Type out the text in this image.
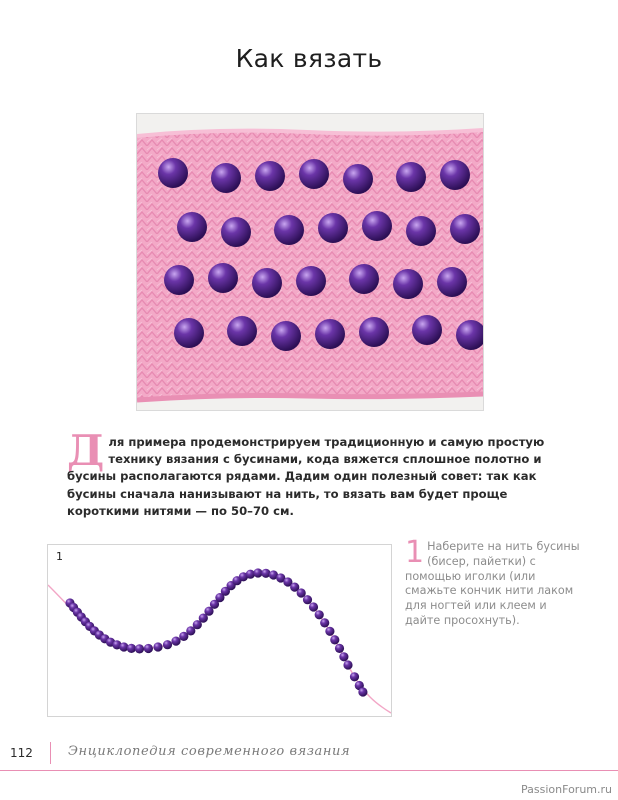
Как вязать
Д ля примера продемонстрируем традиционную и самую простую технику вязания с бусинами, кода вяжется сплошное полотно и бусины располагаются рядами. Дадим один полезный совет: так как бусины сначала нанизывают на нить, то вязать вам будет проще короткими нитями — по 50–70 см.
1	1 Наберите на нить бусины (бисер, пайетки) с помощью иголки (или смажьте кончик нити лаком для ногтей или клеем и дайте просохнуть).
112	Энциклопедия современного вязания
PassionForum.ru
